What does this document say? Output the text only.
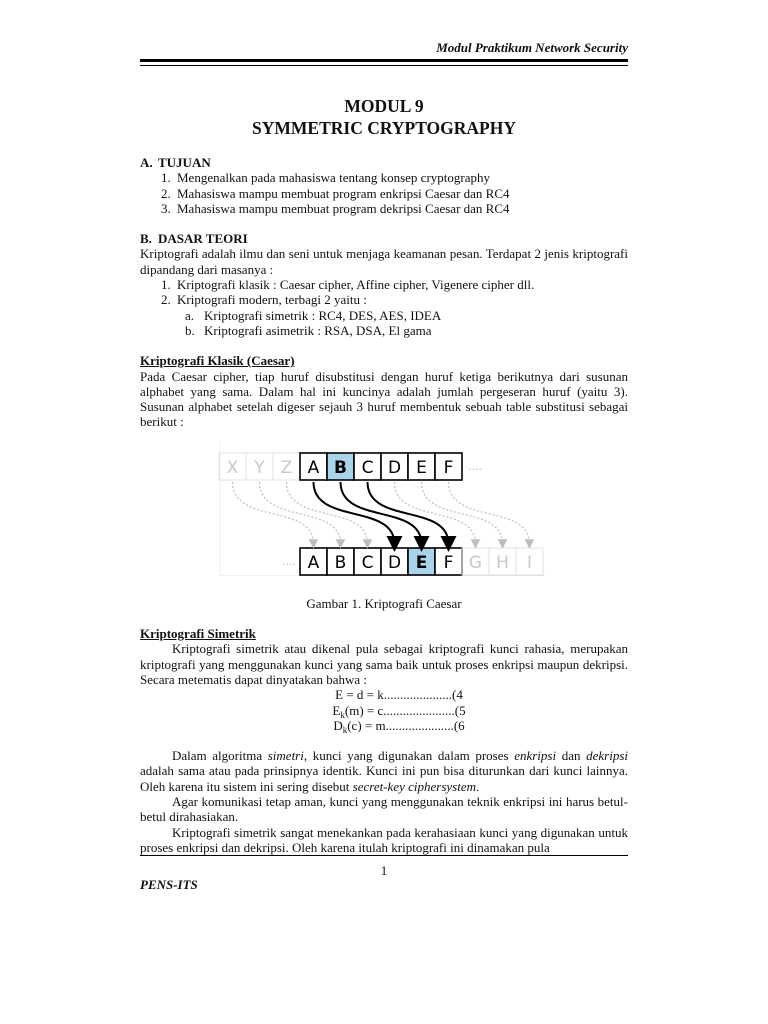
Modul Praktikum Network Security
MODUL 9
SYMMETRIC CRYPTOGRAPHY
A. TUJUAN
1. Mengenalkan pada mahasiswa tentang konsep cryptography
2. Mahasiswa mampu membuat program enkripsi Caesar dan RC4
3. Mahasiswa mampu membuat program dekripsi Caesar dan RC4
B. DASAR TEORI

Kriptografi adalah ilmu dan seni untuk menjaga keamanan pesan. Terdapat 2 jenis kriptografi dipandang dari masanya :

1. Kriptografi klasik : Caesar cipher, Affine cipher, Vigenere cipher dll.
2. Kriptografi modern, terbagi 2 yaitu :
a. Kriptografi simetrik : RC4, DES, AES, IDEA
b. Kriptografi asimetrik : RSA, DSA, El gama
Kriptografi Klasik (Caesar)

Pada Caesar cipher, tiap huruf disubstitusi dengan huruf ketiga berikutnya dari susunan alphabet yang sama. Dalam hal ini kuncinya adalah jumlah pergeseran huruf (yaitu 3). Susunan alphabet setelah digeser sejauh 3 huruf membentuk sebuah table substitusi sebagai berikut :

X Y Z A B C D E F ....
.... A B C D E F G H I
Gambar 1. Kriptografi Caesar
Kriptografi Simetrik

Kriptografi simetrik atau dikenal pula sebagai kriptografi kunci rahasia, merupakan kriptografi yang menggunakan kunci yang sama baik untuk proses enkripsi maupun dekripsi. Secara metematis dapat dinyatakan bahwa :

E = d = k.....................(4
$E_k(m) = c......................(5$
$D_k(c) = m.....................(6$

Dalam algoritma simetri, kunci yang digunakan dalam proses enkripsi dan dekripsi adalah sama atau pada prinsipnya identik. Kunci ini pun bisa diturunkan dari kunci lainnya. Oleh karena itu sistem ini sering disebut secret-key ciphersystem.

Agar komunikasi tetap aman, kunci yang menggunakan teknik enkripsi ini harus betul-betul dirahasiakan.

Kriptografi simetrik sangat menekankan pada kerahasiaan kunci yang digunakan untuk proses enkripsi dan dekripsi. Oleh karena itulah kriptografi ini dinamakan pula

1
PENS-ITS
